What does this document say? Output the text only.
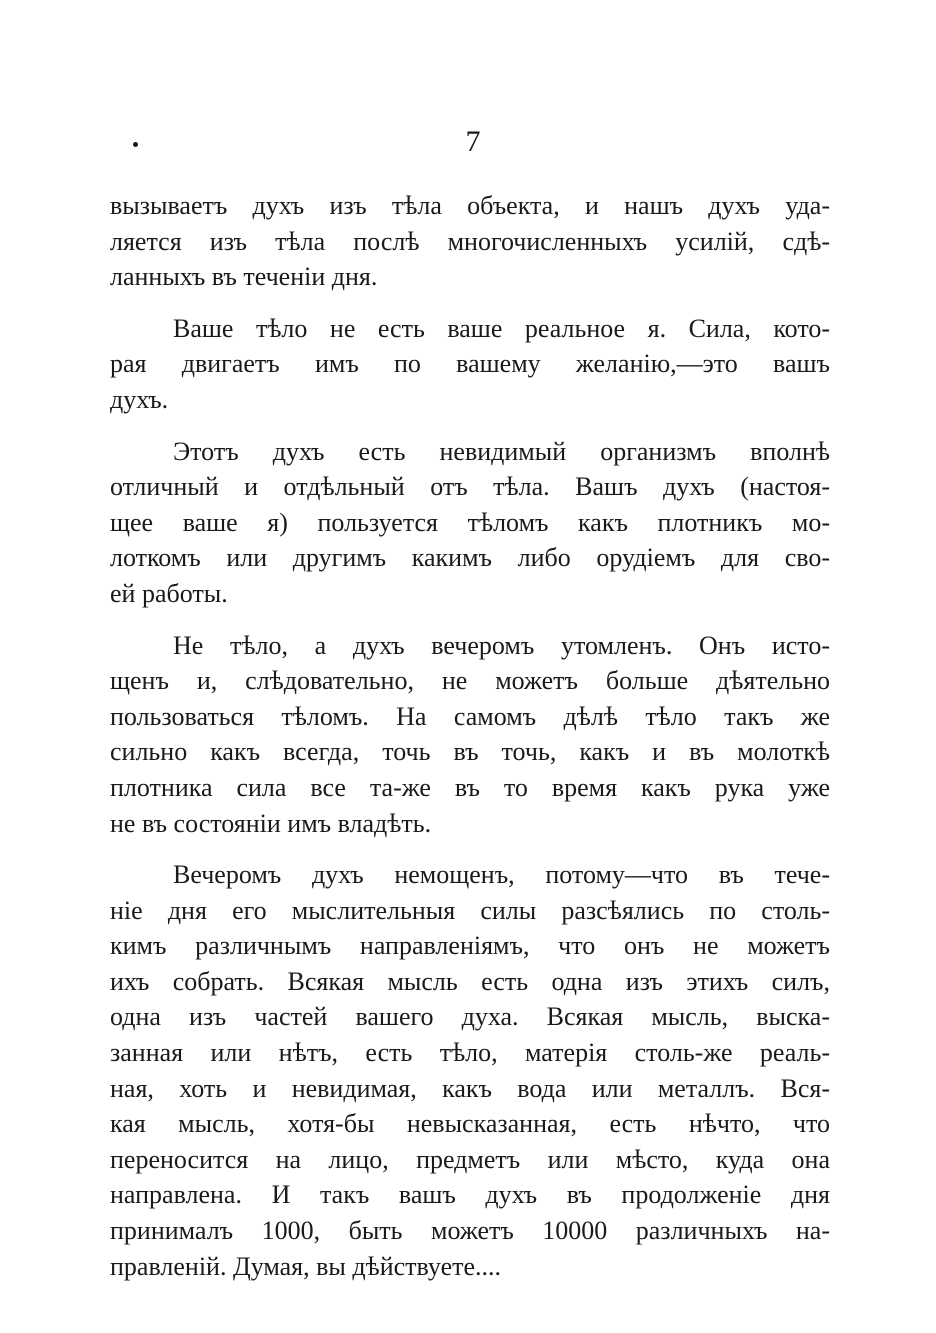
7
вызываетъ духъ изъ тѣла объекта, и нашъ духъ уда-
ляется изъ тѣла послѣ многочисленныхъ усилій, сдѣ-
ланныхъ въ теченіи дня.
Ваше тѣло не есть ваше реальное я. Сила, кото-
рая двигаетъ имъ по вашему желанію,—это вашъ
духъ.
Этотъ духъ есть невидимый организмъ вполнѣ
отличный и отдѣльный отъ тѣла. Вашъ духъ (настоя-
щее ваше я) пользуется тѣломъ какъ плотникъ мо-
лоткомъ или другимъ какимъ либо орудіемъ для сво-
ей работы.
Не тѣло, а духъ вечеромъ утомленъ. Онъ исто-
щенъ и, слѣдовательно, не можетъ больше дѣятельно
пользоваться тѣломъ. На самомъ дѣлѣ тѣло такъ же
сильно какъ всегда, точь въ точь, какъ и въ молоткѣ
плотника сила все та-же въ то время какъ рука уже
не въ состояніи имъ владѣть.
Вечеромъ духъ немощенъ, потому—что въ тече-
ніе дня его мыслительныя силы разсѣялись по столь-
кимъ различнымъ направленіямъ, что онъ не можетъ
ихъ собрать. Всякая мысль есть одна изъ этихъ силъ,
одна изъ частей вашего духа. Всякая мысль, выска-
занная или нѣтъ, есть тѣло, матерія столь-же реаль-
ная, хоть и невидимая, какъ вода или металлъ. Вся-
кая мысль, хотя-бы невысказанная, есть нѣчто, что
переносится на лицо, предметъ или мѣсто, куда она
направлена. И такъ вашъ духъ въ продолженіе дня
принималъ 1000, быть можетъ 10000 различныхъ на-
правленій. Думая, вы дѣйствуете....
